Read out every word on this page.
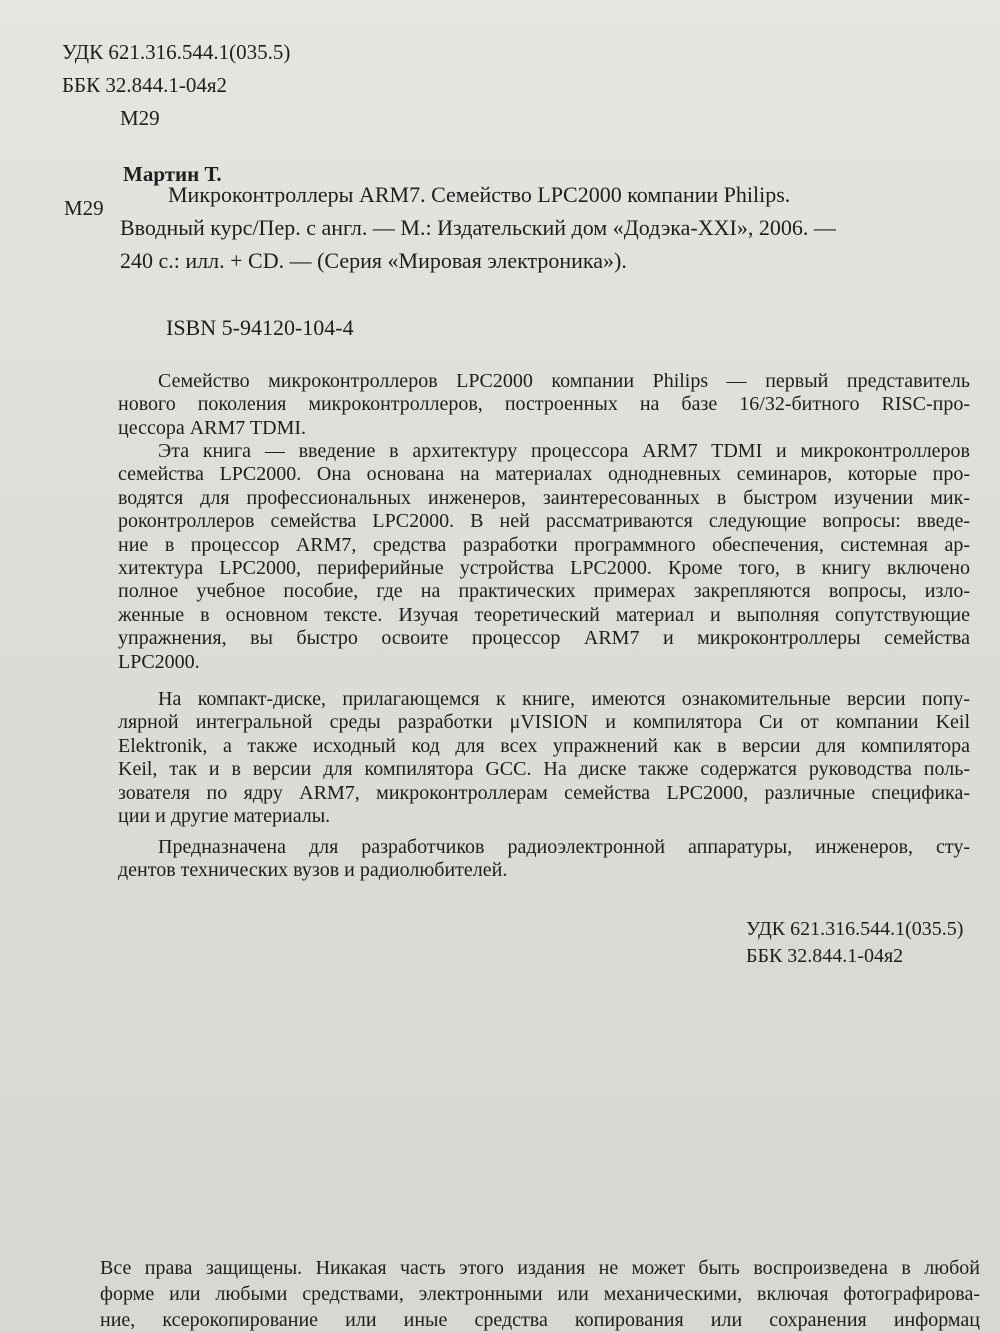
УДК 621.316.544.1(035.5)
ББК 32.844.1-04я2
М29
Мартин Т.
М29
Микроконтроллеры ARM7. Семейство LPC2000 компании Philips.
Вводный курс/Пер. с англ. — М.: Издательский дом «Додэка-XXI», 2006. —
240 с.: илл. + CD. — (Серия «Мировая электроника»).
ISBN 5-94120-104-4
Семейство микроконтроллеров LPC2000 компании Philips — первый представитель
нового поколения микроконтроллеров, построенных на базе 16/32-битного RISC-про-
цессора ARM7 TDMI.
Эта книга — введение в архитектуру процессора ARM7 TDMI и микроконтроллеров
семейства LPC2000. Она основана на материалах однодневных семинаров, которые про-
водятся для профессиональных инженеров, заинтересованных в быстром изучении мик-
роконтроллеров семейства LPC2000. В ней рассматриваются следующие вопросы: введе-
ние в процессор ARM7, средства разработки программного обеспечения, системная ар-
хитектура LPC2000, периферийные устройства LPC2000. Кроме того, в книгу включено
полное учебное пособие, где на практических примерах закрепляются вопросы, изло-
женные в основном тексте. Изучая теоретический материал и выполняя сопутствующие
упражнения, вы быстро освоите процессор ARM7 и микроконтроллеры семейства
LPC2000.
На компакт-диске, прилагающемся к книге, имеются ознакомительные версии попу-
лярной интегральной среды разработки μVISION и компилятора Си от компании Keil
Elektronik, а также исходный код для всех упражнений как в версии для компилятора
Keil, так и в версии для компилятора GCC. На диске также содержатся руководства поль-
зователя по ядру ARM7, микроконтроллерам семейства LPC2000, различные специфика-
ции и другие материалы.
Предназначена для разработчиков радиоэлектронной аппаратуры, инженеров, сту-
дентов технических вузов и радиолюбителей.
УДК 621.316.544.1(035.5)
ББК 32.844.1-04я2
Все права защищены. Никакая часть этого издания не может быть воспроизведена в любой
форме или любыми средствами, электронными или механическими, включая фотографирова-
ние, ксерокопирование или иные средства копирования или сохранения информац
